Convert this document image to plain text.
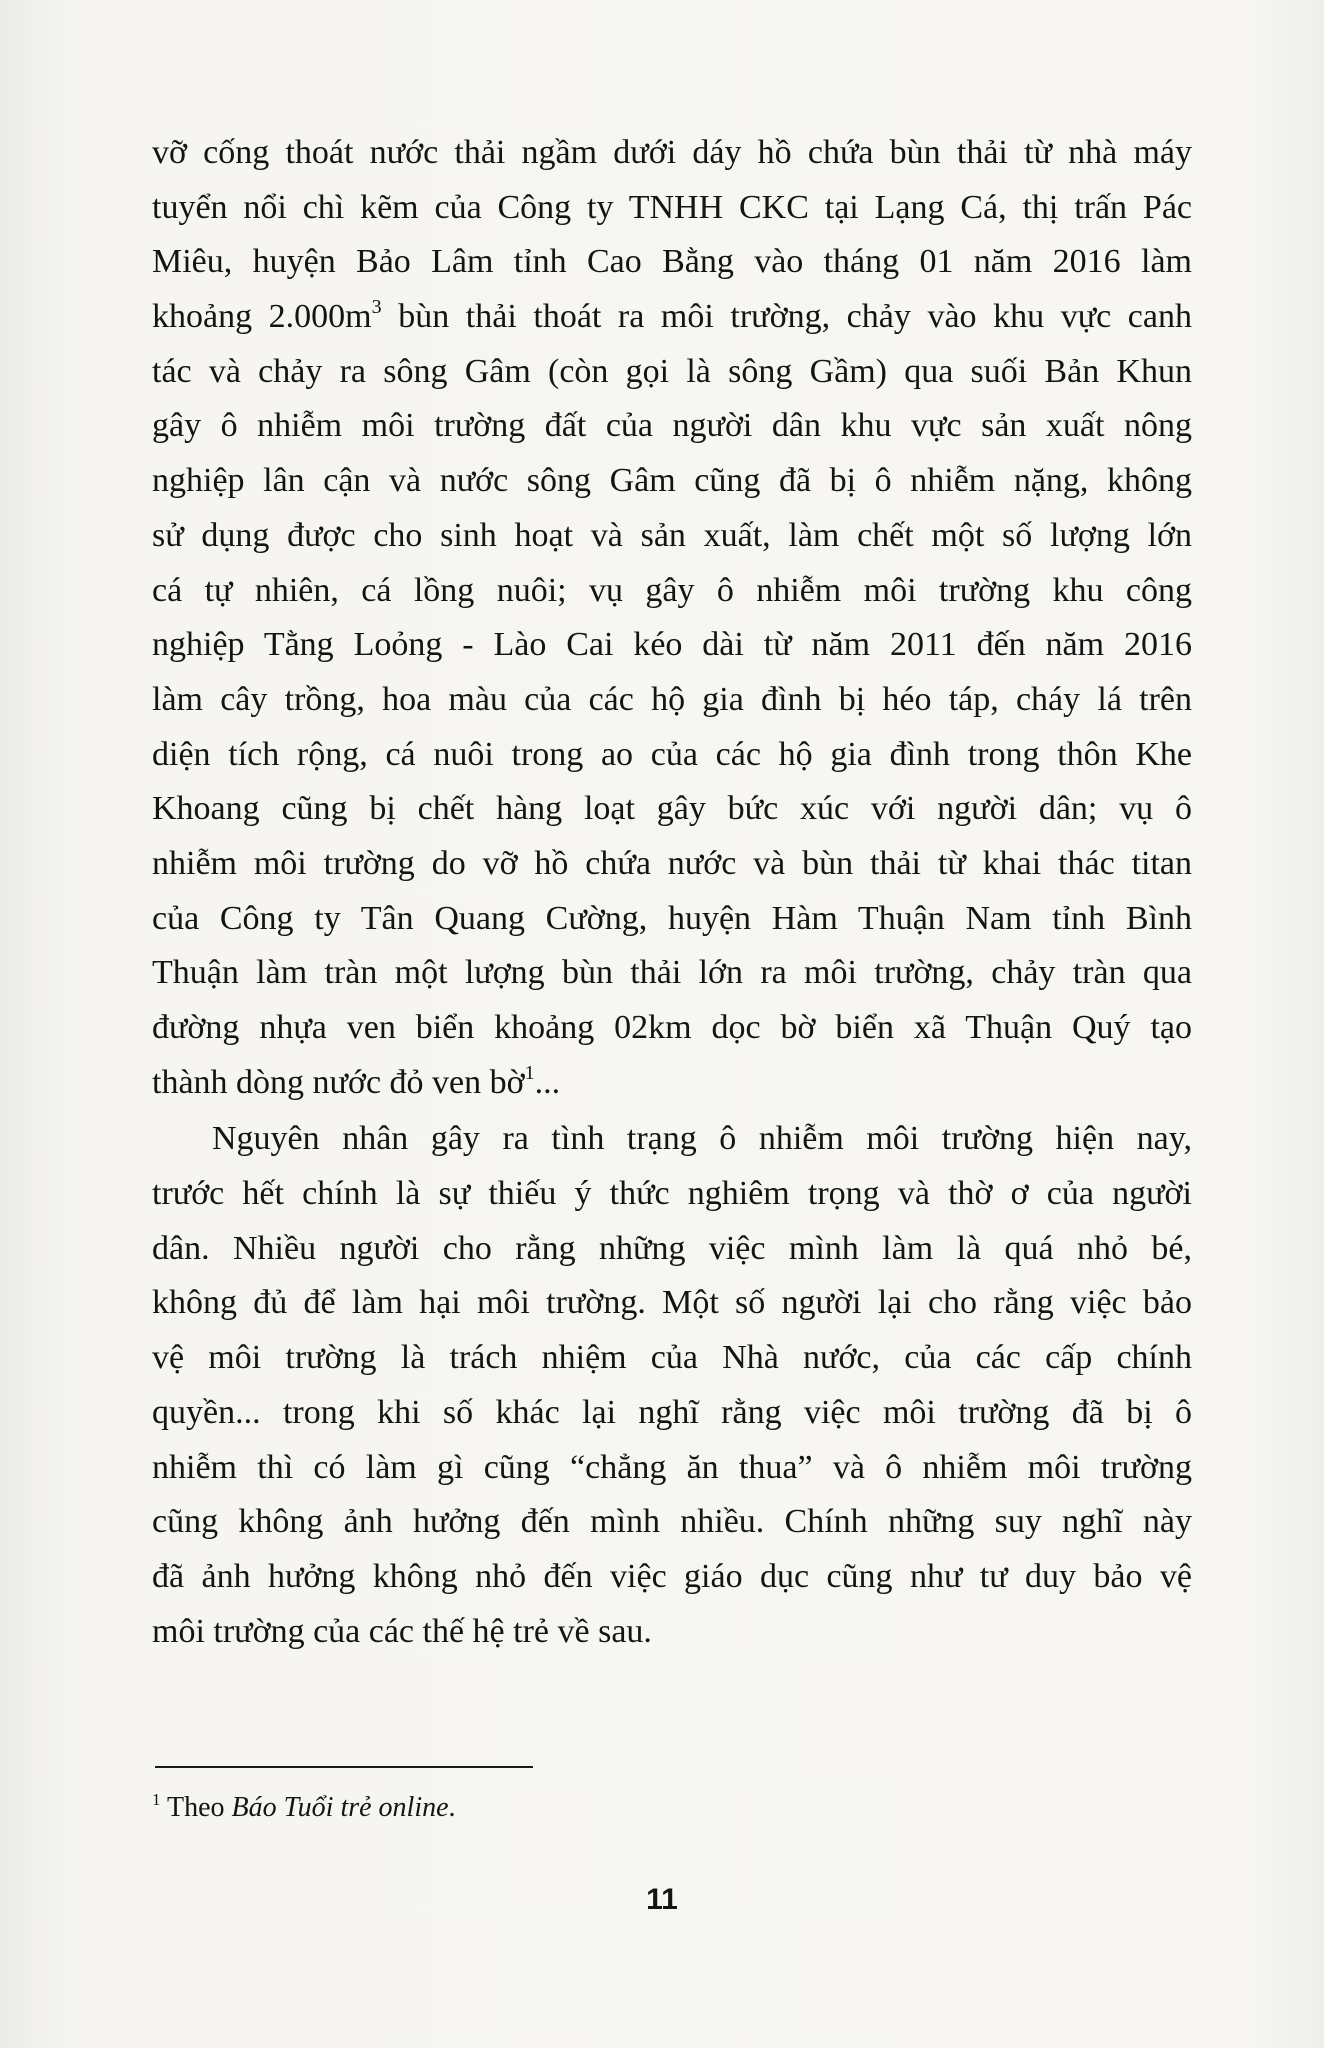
vỡ cống thoát nước thải ngầm dưới dáy hồ chứa bùn thải từ nhà máy
tuyển nổi chì kẽm của Công ty TNHH CKC tại Lạng Cá, thị trấn Pác
Miêu, huyện Bảo Lâm tỉnh Cao Bằng vào tháng 01 năm 2016 làm
khoảng $2.000m^3$ bùn thải thoát ra môi trường, chảy vào khu vực canh
tác và chảy ra sông Gâm (còn gọi là sông Gầm) qua suối Bản Khun
gây ô nhiễm môi trường đất của người dân khu vực sản xuất nông
nghiệp lân cận và nước sông Gâm cũng đã bị ô nhiễm nặng, không
sử dụng được cho sinh hoạt và sản xuất, làm chết một số lượng lớn
cá tự nhiên, cá lồng nuôi; vụ gây ô nhiễm môi trường khu công
nghiệp Tằng Loỏng - Lào Cai kéo dài từ năm 2011 đến năm 2016
làm cây trồng, hoa màu của các hộ gia đình bị héo táp, cháy lá trên
diện tích rộng, cá nuôi trong ao của các hộ gia đình trong thôn Khe
Khoang cũng bị chết hàng loạt gây bức xúc với người dân; vụ ô
nhiễm môi trường do vỡ hồ chứa nước và bùn thải từ khai thác titan
của Công ty Tân Quang Cường, huyện Hàm Thuận Nam tỉnh Bình
Thuận làm tràn một lượng bùn thải lớn ra môi trường, chảy tràn qua
đường nhựa ven biển khoảng 02km dọc bờ biển xã Thuận Quý tạo
thành dòng nước đỏ ven bờ$^1$...
Nguyên nhân gây ra tình trạng ô nhiễm môi trường hiện nay,
trước hết chính là sự thiếu ý thức nghiêm trọng và thờ ơ của người
dân. Nhiều người cho rằng những việc mình làm là quá nhỏ bé,
không đủ để làm hại môi trường. Một số người lại cho rằng việc bảo
vệ môi trường là trách nhiệm của Nhà nước, của các cấp chính
quyền... trong khi số khác lại nghĩ rằng việc môi trường đã bị ô
nhiễm thì có làm gì cũng “chẳng ăn thua” và ô nhiễm môi trường
cũng không ảnh hưởng đến mình nhiều. Chính những suy nghĩ này
đã ảnh hưởng không nhỏ đến việc giáo dục cũng như tư duy bảo vệ
môi trường của các thế hệ trẻ về sau.
$^1$ Theo Báo Tuổi trẻ online.
11
